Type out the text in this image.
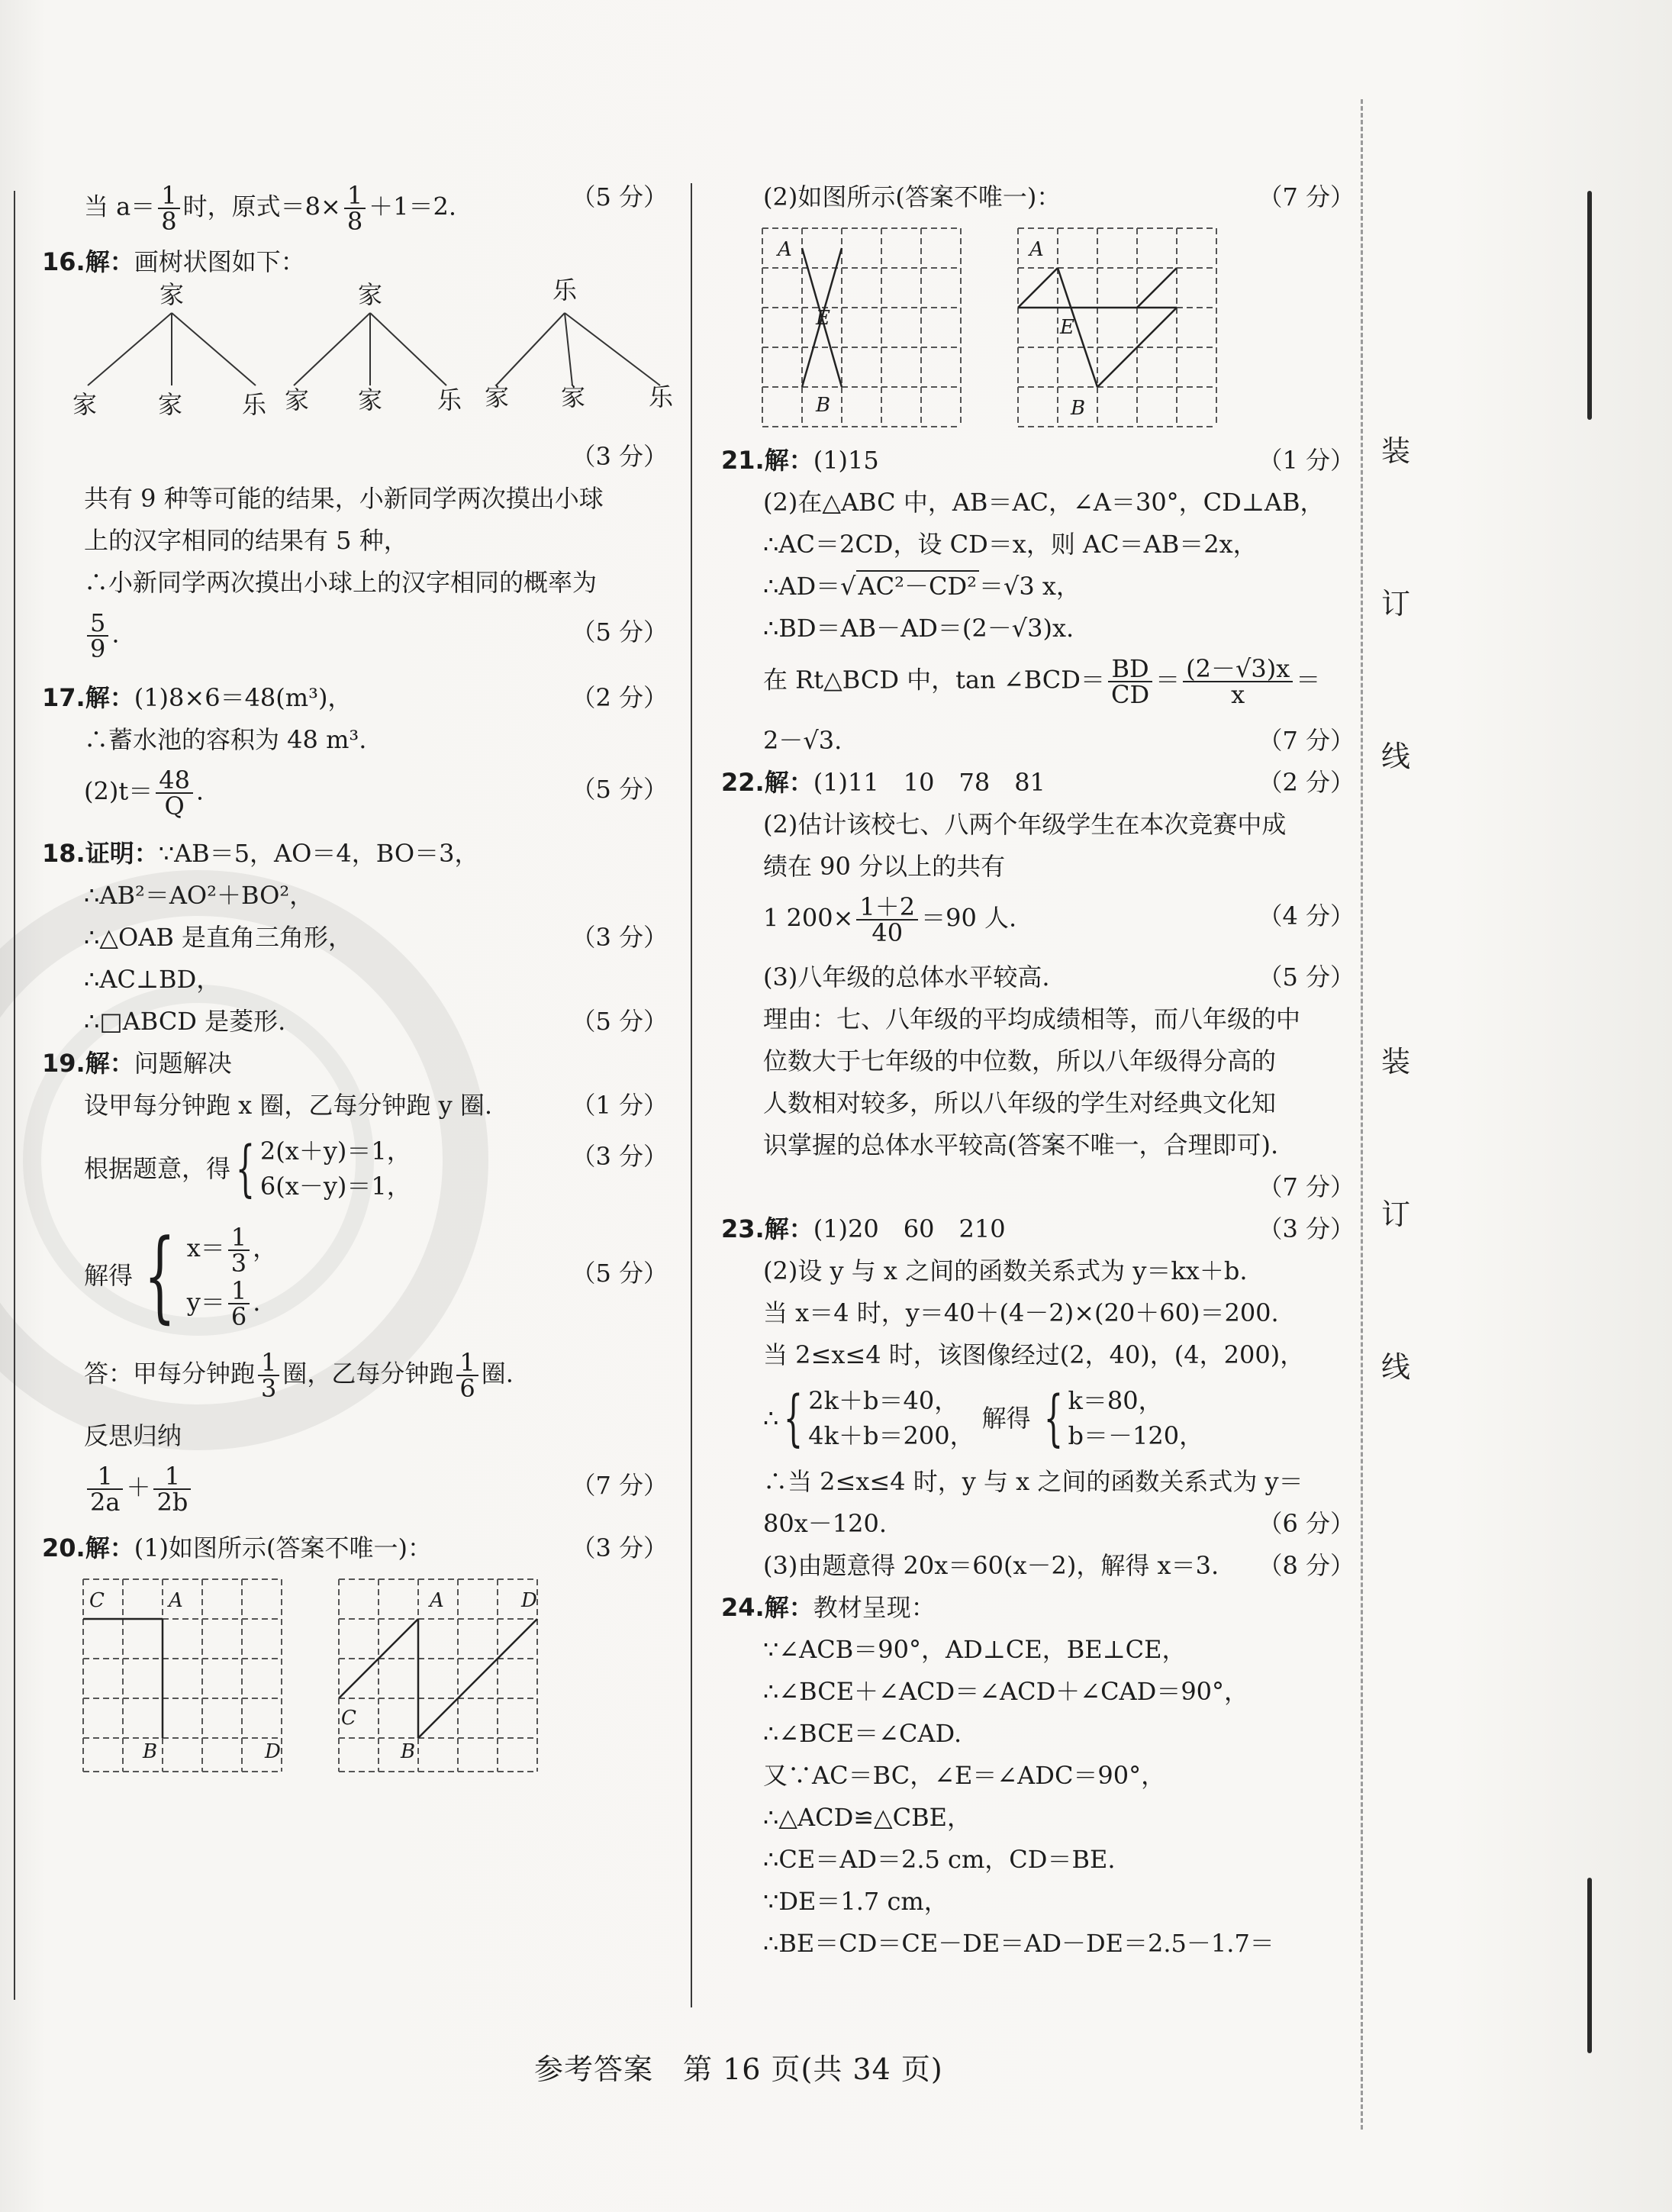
装
订
线
装
订
线
当 $a= \frac{1}{8}$ 时，原式$=8\times \frac{1}{8} +1=2$.	（5 分）
16.解：画树状图如下：
家	家	乐
家 家 乐 家 家 乐 家 家	乐
（3 分）
共有 9 种等可能的结果，小新同学两次摸出小球
上的汉字相同的结果有 5 种，
∴小新同学两次摸出小球上的汉字相同的概率为
$\frac{5}{9}$ .	（5 分）
17.解：(1)8×6＝48(m³)，	（2 分）
∴蓄水池的容积为 48 m³.
$(2)t= \frac{48}{Q}$ .	（5 分）
18.证明：∵AB＝5，AO＝4，BO＝3，
∴AB²＝AO²＋BO²，
∴△OAB 是直角三角形，	（3 分）
∴AC⊥BD，
∴□ABCD 是菱形.	（5 分）
19.解：问题解决
设甲每分钟跑 x 圈，乙每分钟跑 y 圈.	（1 分）
根据题意，得 { 2(x＋y)＝1，
6(x－y)＝1，
（3 分）
解得 { $x= \frac{1}{3}$ ，
$y= \frac{1}{6}$ .
（5 分）
答：甲每分钟跑 $\frac{1}{3}$ 圈，乙每分钟跑 $\frac{1}{6}$ 圈.
反思归纳
$\frac{1}{2a} + \frac{1}{2b}$	（7 分）
20.解：(1)如图所示(答案不唯一)：	（3 分）
C	A
B	D
A	D
C
B
(2)如图所示(答案不唯一)：	（7 分）
A
E
B
A
E
B
21.解：(1)15	（1 分）
(2)在△ABC 中，AB＝AC，∠A＝30°，CD⊥AB，
∴AC＝2CD，设 CD＝x，则 AC＝AB＝2x，
∴AD＝√AC²－CD²＝√3 x，
∴BD＝AB－AD＝(2－√3)x.
在 Rt△BCD 中，tan ∠BCD＝ $\frac{BD}{CD} = \frac{(2-√3)x}{x}$ ＝
2－√3.	（7 分）
22.解：(1)11　10　78　81	（2 分）
(2)估计该校七、八两个年级学生在本次竞赛中成
绩在 90 分以上的共有
1 $200\times \frac{1+2}{40} =90$ 人.	（4 分）
(3)八年级的总体水平较高.	（5 分）
理由：七、八年级的平均成绩相等，而八年级的中
位数大于七年级的中位数，所以八年级得分高的
人数相对较多，所以八年级的学生对经典文化知
识掌握的总体水平较高(答案不唯一，合理即可).
（7 分）
23.解：(1)20　60　210	（3 分）
(2)设 y 与 x 之间的函数关系式为 y＝kx＋b.
当 x＝4 时，y＝40＋(4－2)×(20＋60)＝200.
当 2≤x≤4 时，该图像经过(2，40)，(4，200)，
∴ { 2k＋b＝40，
4k＋b＝200，
解得 { k＝80，
b＝－120，
∴当 2≤x≤4 时，y 与 x 之间的函数关系式为 y＝
80x－120.	（6 分）
(3)由题意得 20x＝60(x－2)，解得 x＝3. （8 分）
24.解：教材呈现：
∵∠ACB＝90°，AD⊥CE，BE⊥CE，
∴∠BCE＋∠ACD＝∠ACD＋∠CAD＝90°，
∴∠BCE＝∠CAD.
又∵AC＝BC，∠E＝∠ADC＝90°，
∴△ACD≌△CBE，
∴CE＝AD＝2.5 cm，CD＝BE.
∵DE＝1.7 cm，
∴BE＝CD＝CE－DE＝AD－DE＝2.5－1.7＝
参考答案　第 16 页(共 34 页)
